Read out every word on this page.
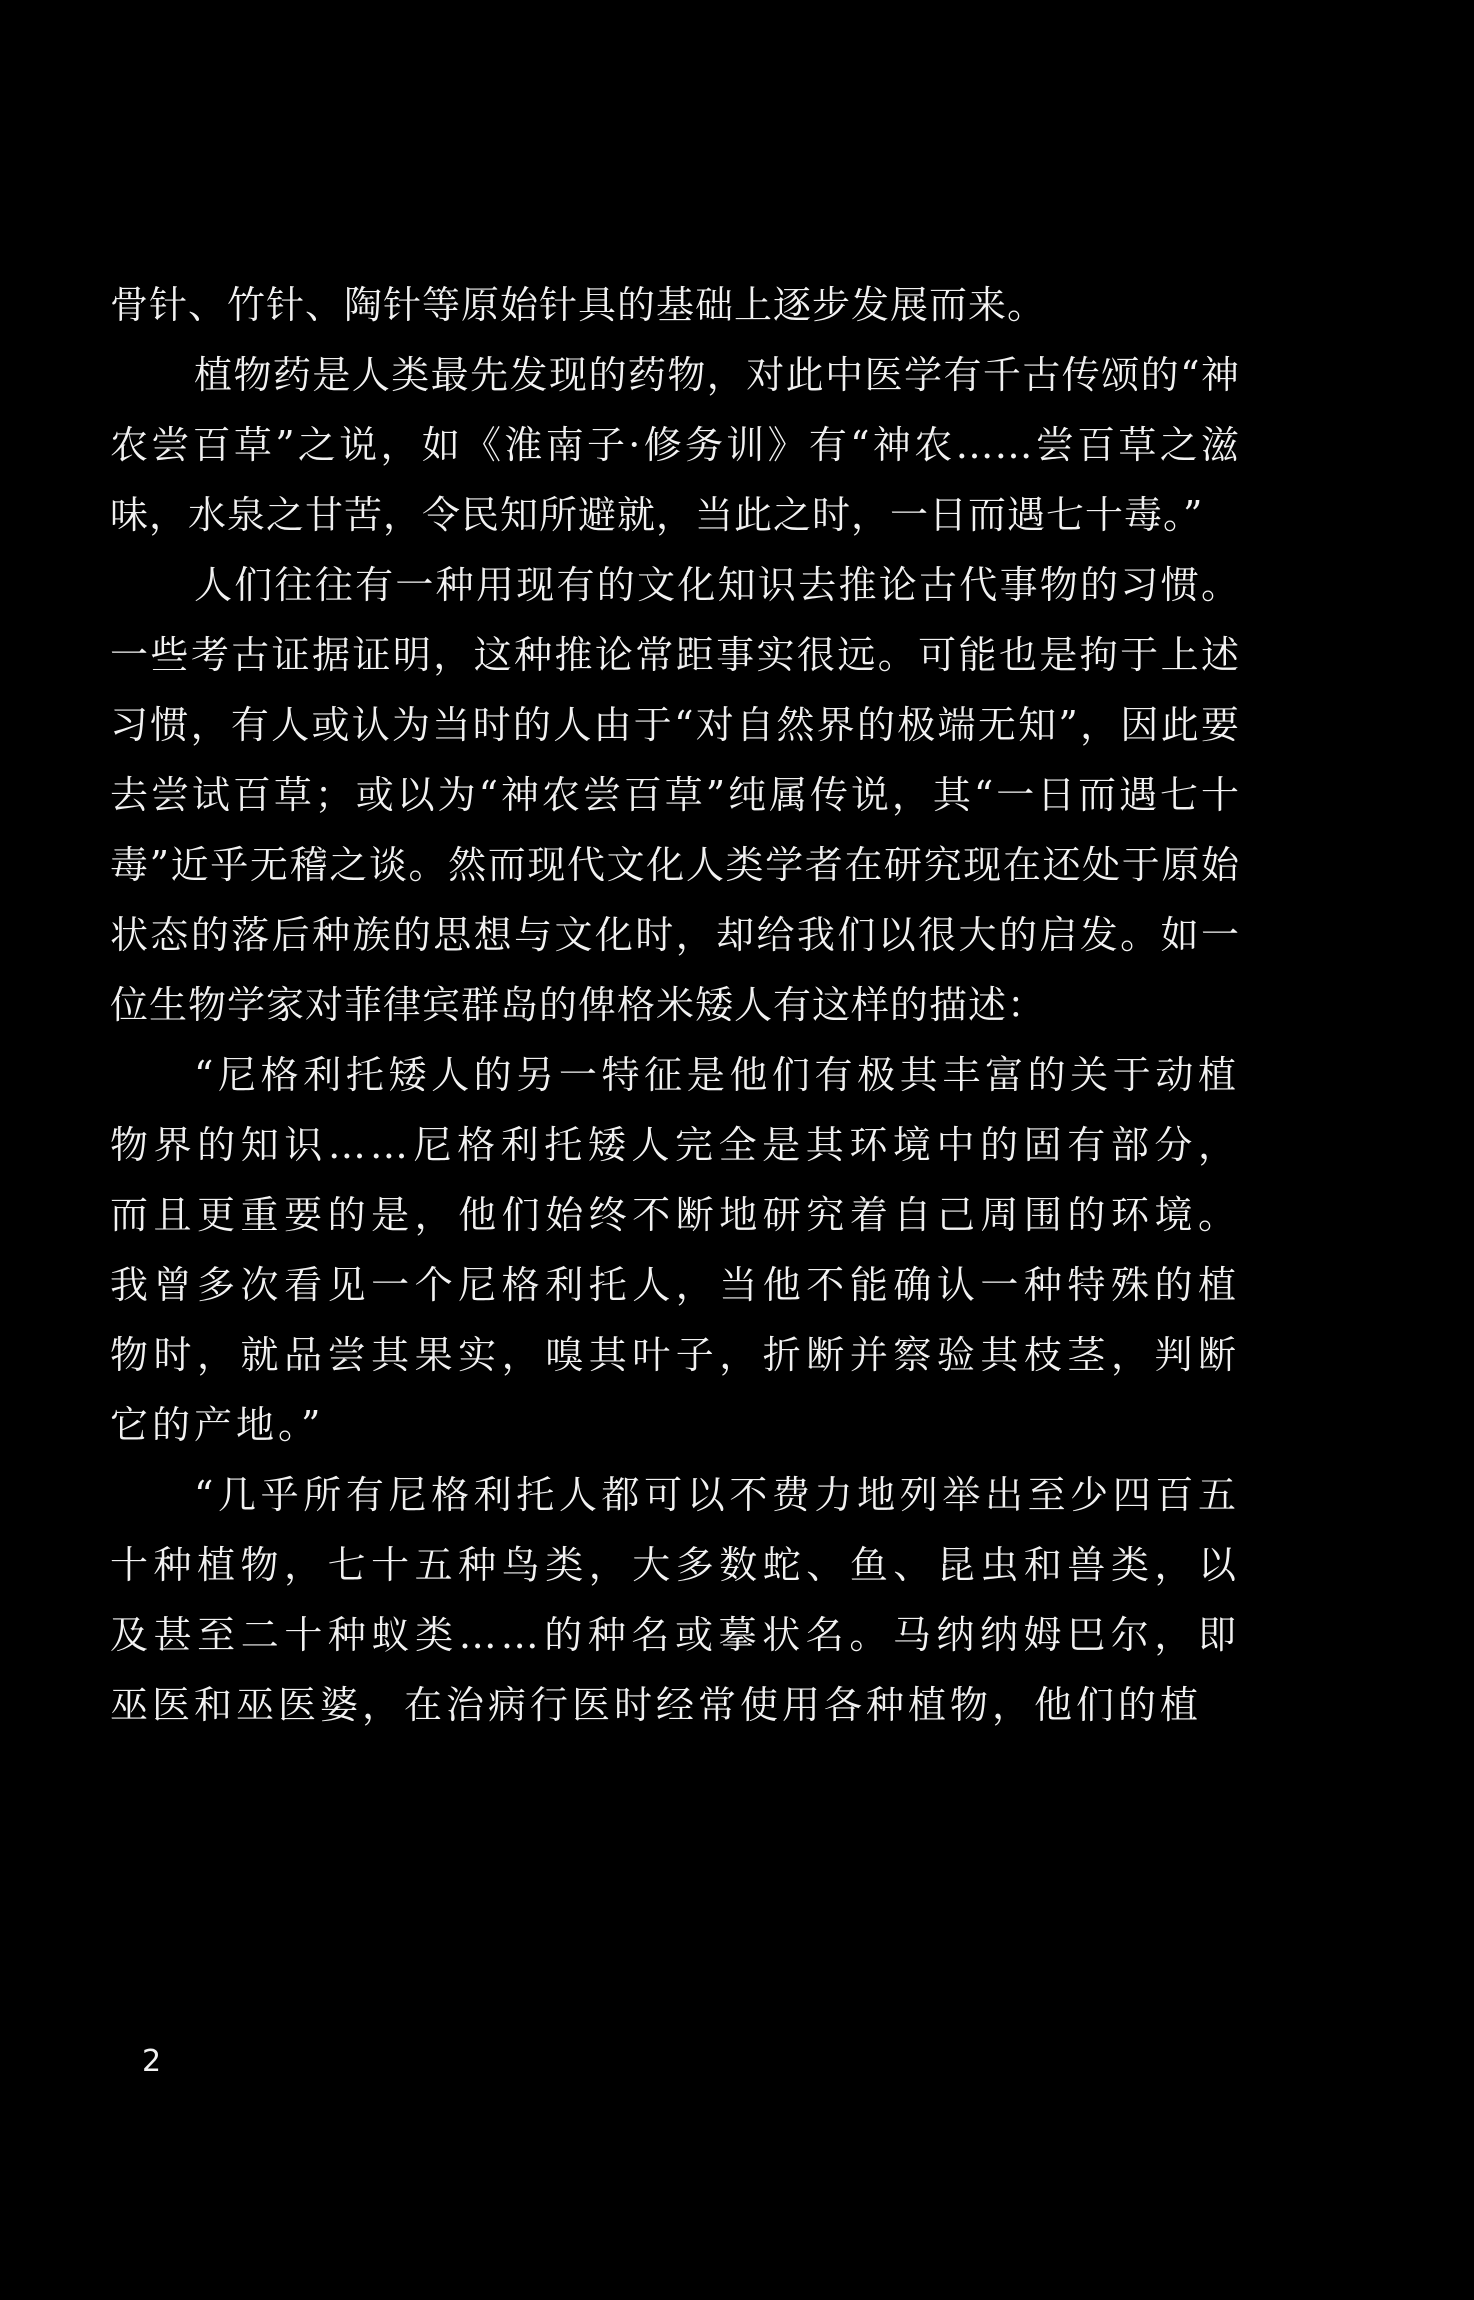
骨针、竹针、陶针等原始针具的基础上逐步发展而来。

植物药是人类最先发现的药物，对此中医学有千古传颂的“神农尝百草”之说，如《淮南子·修务训》有“神农……尝百草之滋味，水泉之甘苦，令民知所避就，当此之时，一日而遇七十毒。”

人们往往有一种用现有的文化知识去推论古代事物的习惯。一些考古证据证明，这种推论常距事实很远。可能也是拘于上述习惯，有人或认为当时的人由于“对自然界的极端无知”，因此要去尝试百草；或以为“神农尝百草”纯属传说，其“一日而遇七十毒”近乎无稽之谈。然而现代文化人类学者在研究现在还处于原始状态的落后种族的思想与文化时，却给我们以很大的启发。如一位生物学家对菲律宾群岛的俾格米矮人有这样的描述：

“尼格利托矮人的另一特征是他们有极其丰富的关于动植物界的知识……尼格利托矮人完全是其环境中的固有部分，而且更重要的是，他们始终不断地研究着自己周围的环境。我曾多次看见一个尼格利托人，当他不能确认一种特殊的植物时，就品尝其果实，嗅其叶子，折断并察验其枝茎，判断它的产地。”

“几乎所有尼格利托人都可以不费力地列举出至少四百五十种植物，七十五种鸟类，大多数蛇、鱼、昆虫和兽类，以及甚至二十种蚁类……的种名或摹状名。马纳纳姆巴尔，即巫医和巫医婆，在治病行医时经常使用各种植物，他们的植

2
